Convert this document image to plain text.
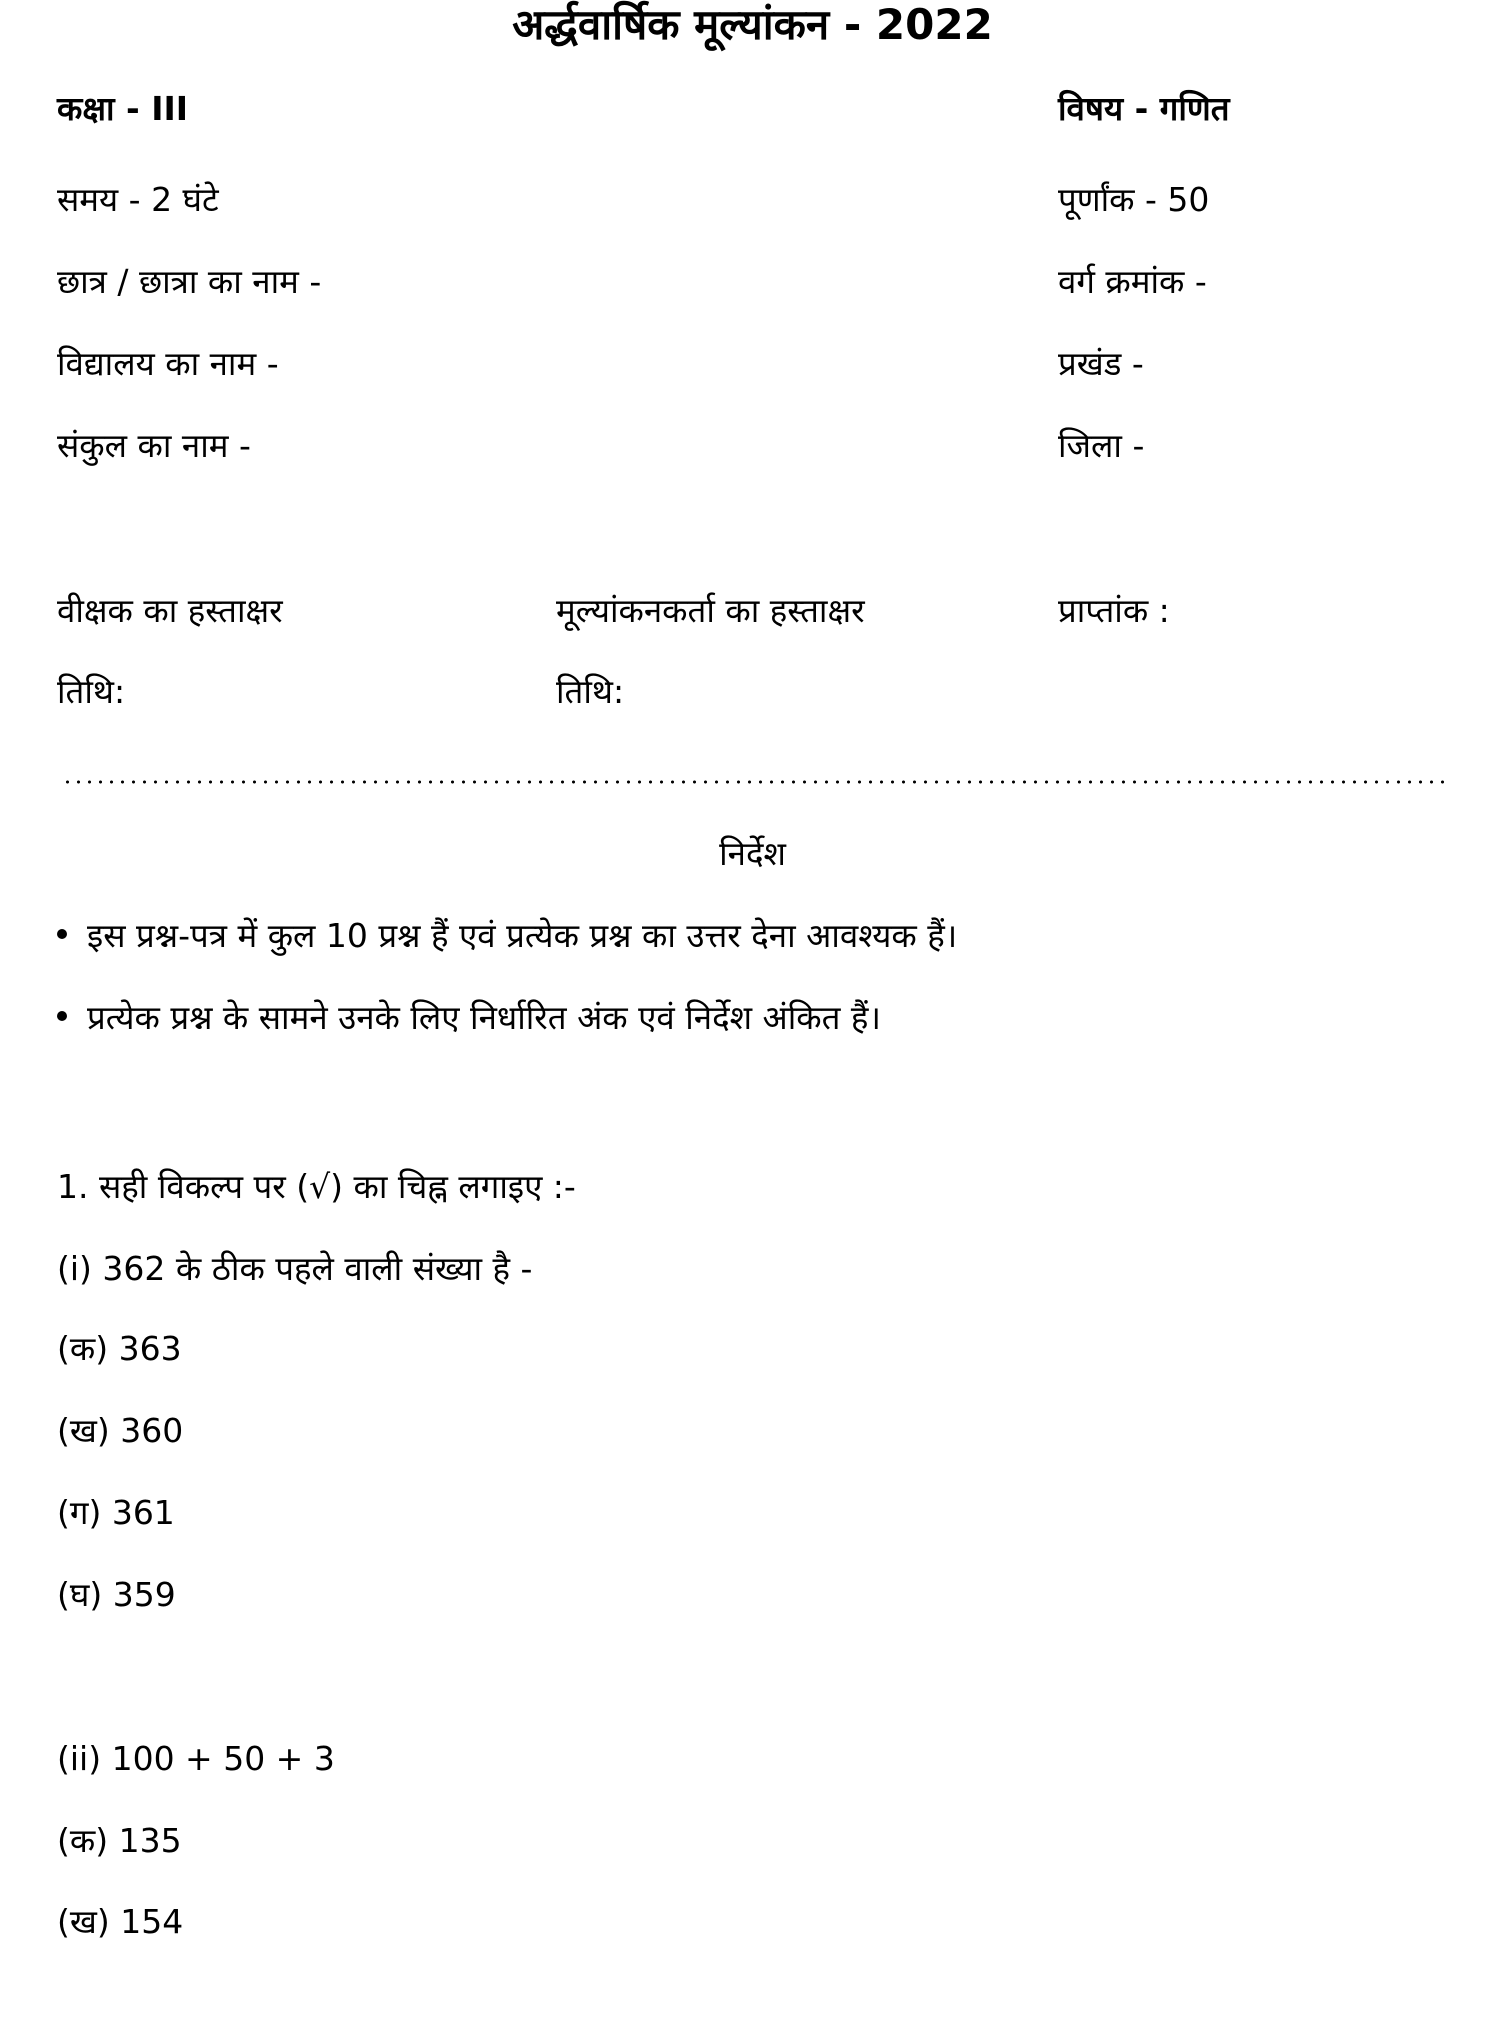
अर्द्धवार्षिक मूल्यांकन - 2022
कक्षा - III
समय - 2 घंटे
छात्र / छात्रा का नाम -
विद्यालय का नाम -
संकुल का नाम -
विषय - गणित
पूर्णांक - 50
वर्ग क्रमांक -
प्रखंड -
जिला -
वीक्षक का हस्ताक्षर
तिथि:
मूल्यांकनकर्ता का हस्ताक्षर
तिथि:
प्राप्तांक :
निर्देश
इस प्रश्न-पत्र में कुल 10 प्रश्न हैं एवं प्रत्येक प्रश्न का उत्तर देना आवश्यक हैं।
प्रत्येक प्रश्न के सामने उनके लिए निर्धारित अंक एवं निर्देश अंकित हैं।
1. सही विकल्प पर (√) का चिह्न लगाइए :-
(i) 362 के ठीक पहले वाली संख्या है -
(क) 363
(ख) 360
(ग) 361
(घ) 359
(ii) 100 + 50 + 3
(क) 135
(ख) 154
